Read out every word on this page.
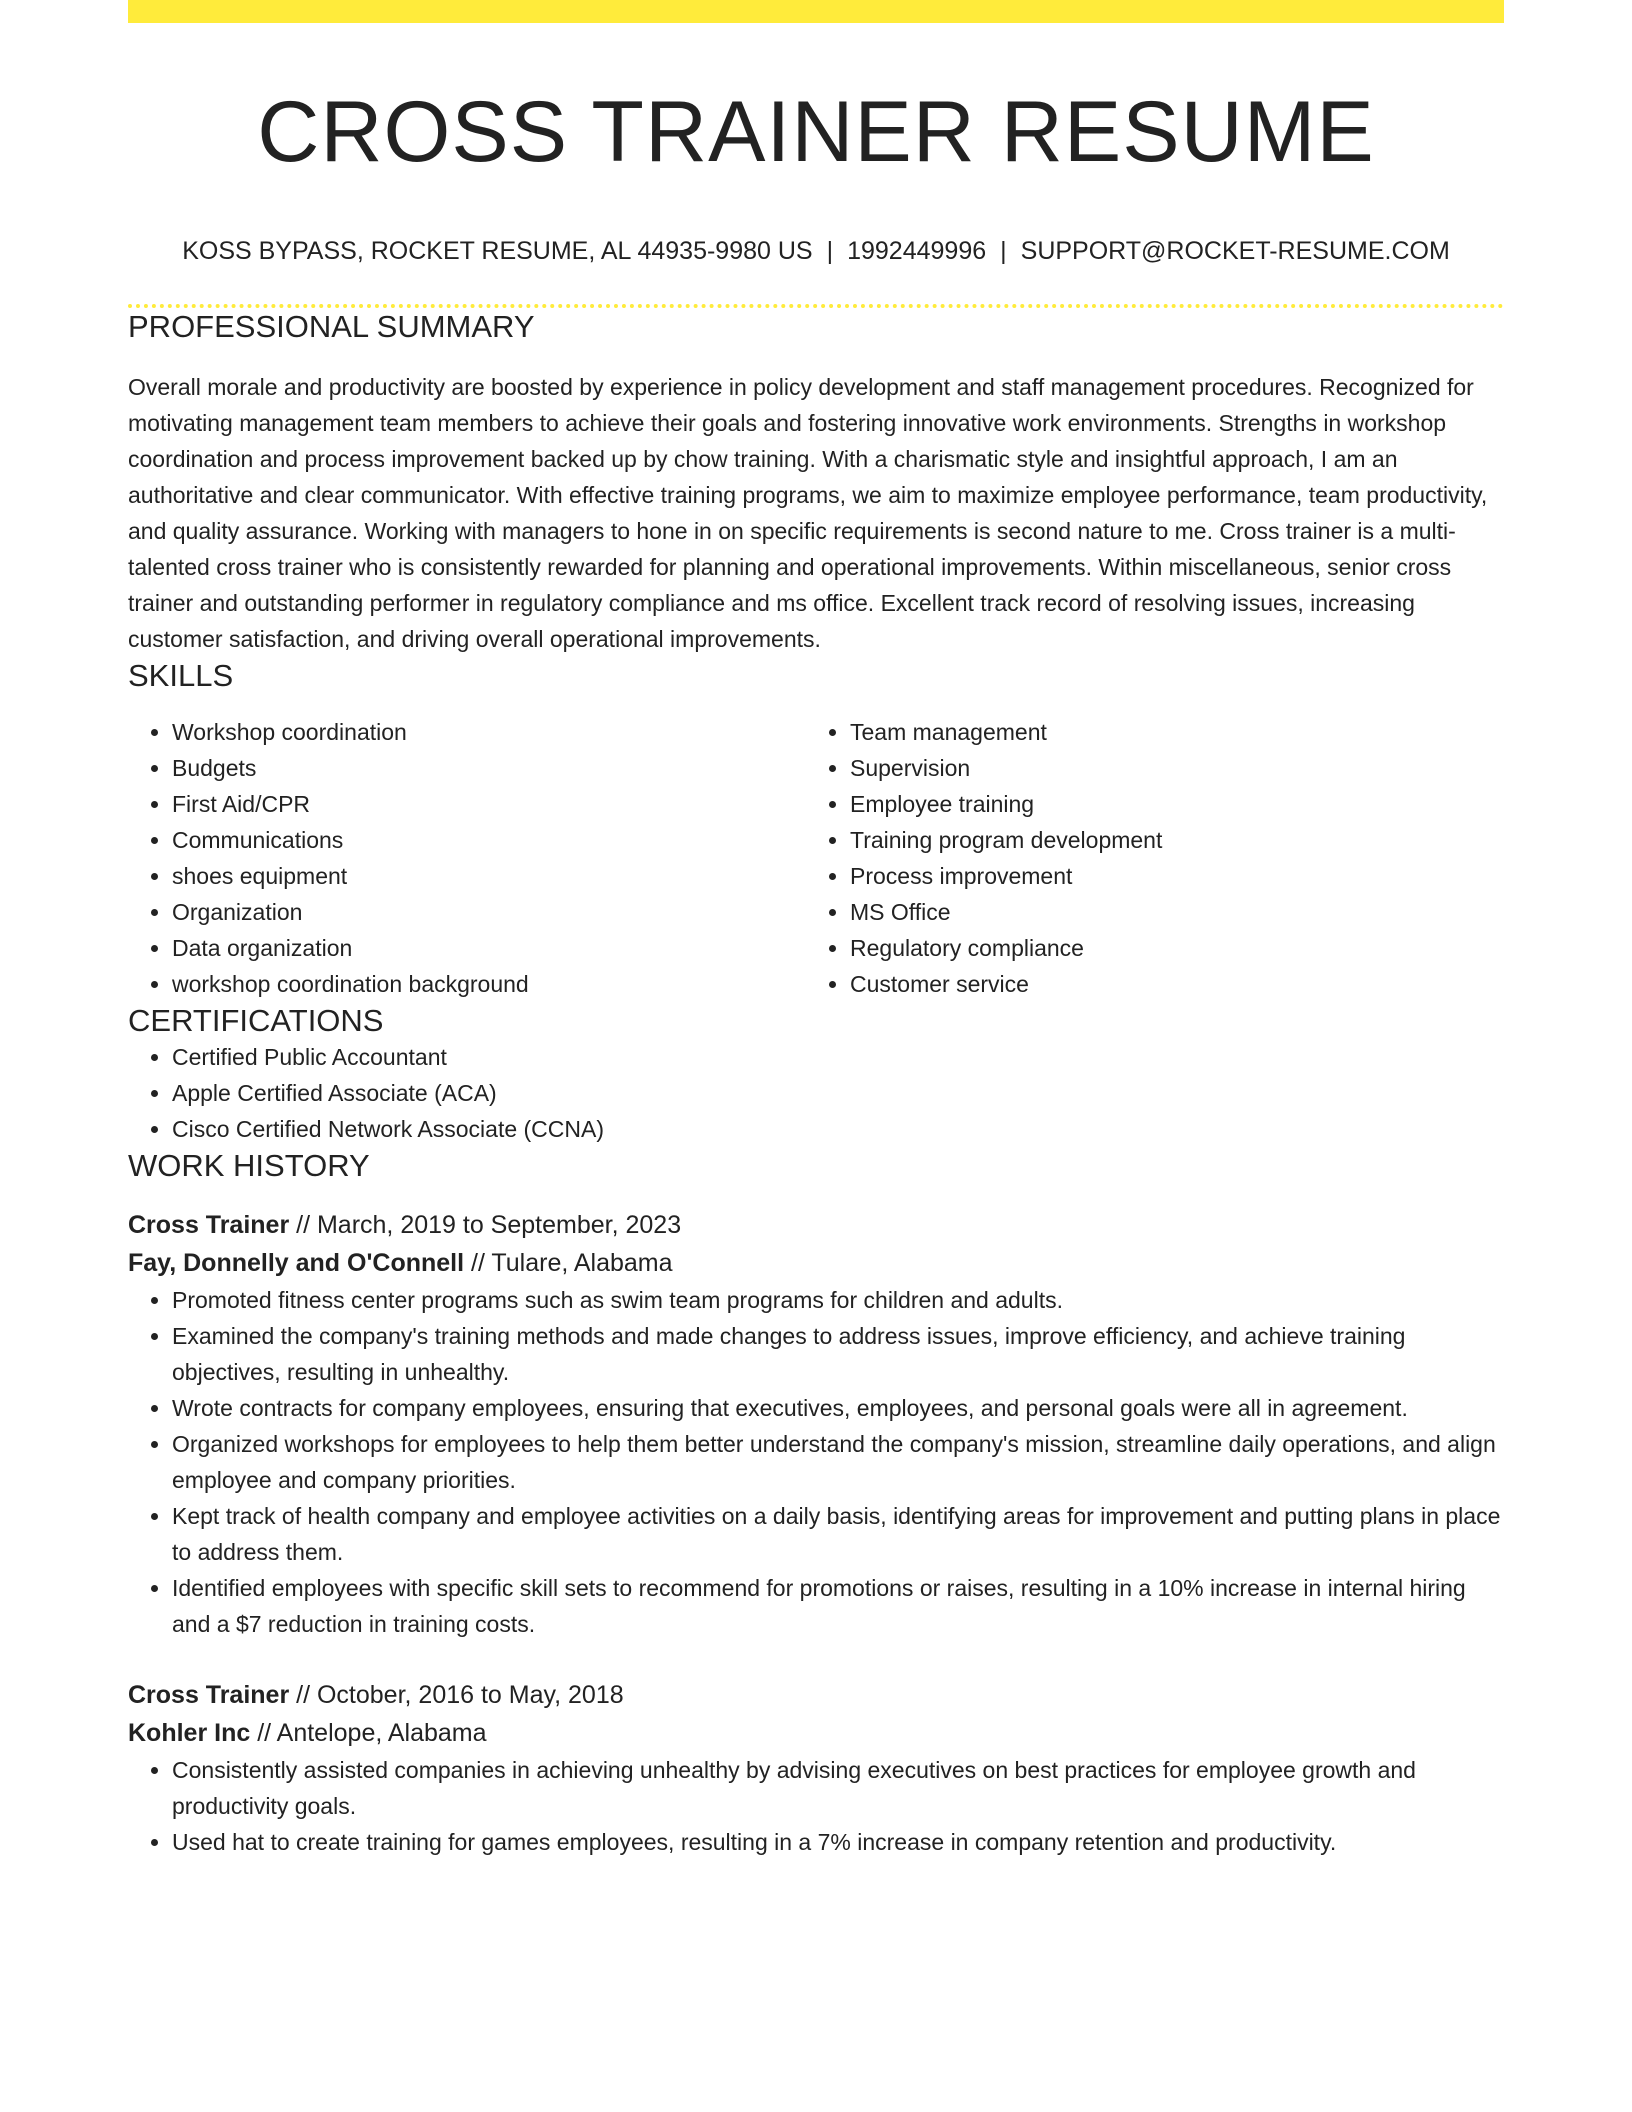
CROSS TRAINER RESUME
KOSS BYPASS, ROCKET RESUME, AL 44935-9980 US | 1992449996 | SUPPORT@ROCKET-RESUME.COM
PROFESSIONAL SUMMARY
Overall morale and productivity are boosted by experience in policy development and staff management procedures. Recognized for motivating management team members to achieve their goals and fostering innovative work environments. Strengths in workshop coordination and process improvement backed up by chow training. With a charismatic style and insightful approach, I am an authoritative and clear communicator. With effective training programs, we aim to maximize employee performance, team productivity, and quality assurance. Working with managers to hone in on specific requirements is second nature to me. Cross trainer is a multi-talented cross trainer who is consistently rewarded for planning and operational improvements. Within miscellaneous, senior cross trainer and outstanding performer in regulatory compliance and ms office. Excellent track record of resolving issues, increasing customer satisfaction, and driving overall operational improvements.
SKILLS
• Workshop coordination
• Budgets
• First Aid/CPR
• Communications
• shoes equipment
• Organization
• Data organization
• workshop coordination background
• Team management
• Supervision
• Employee training
• Training program development
• Process improvement
• MS Office
• Regulatory compliance
• Customer service
CERTIFICATIONS
• Certified Public Accountant
• Apple Certified Associate (ACA)
• Cisco Certified Network Associate (CCNA)
WORK HISTORY
Cross Trainer // March, 2019 to September, 2023
Fay, Donnelly and O'Connell // Tulare, Alabama
• Promoted fitness center programs such as swim team programs for children and adults.
• Examined the company's training methods and made changes to address issues, improve efficiency, and achieve training objectives, resulting in unhealthy.
• Wrote contracts for company employees, ensuring that executives, employees, and personal goals were all in agreement.
• Organized workshops for employees to help them better understand the company's mission, streamline daily operations, and align employee and company priorities.
• Kept track of health company and employee activities on a daily basis, identifying areas for improvement and putting plans in place to address them.
• Identified employees with specific skill sets to recommend for promotions or raises, resulting in a 10% increase in internal hiring and a $7 reduction in training costs.
Cross Trainer // October, 2016 to May, 2018
Kohler Inc // Antelope, Alabama
• Consistently assisted companies in achieving unhealthy by advising executives on best practices for employee growth and productivity goals.
• Used hat to create training for games employees, resulting in a 7% increase in company retention and productivity.
